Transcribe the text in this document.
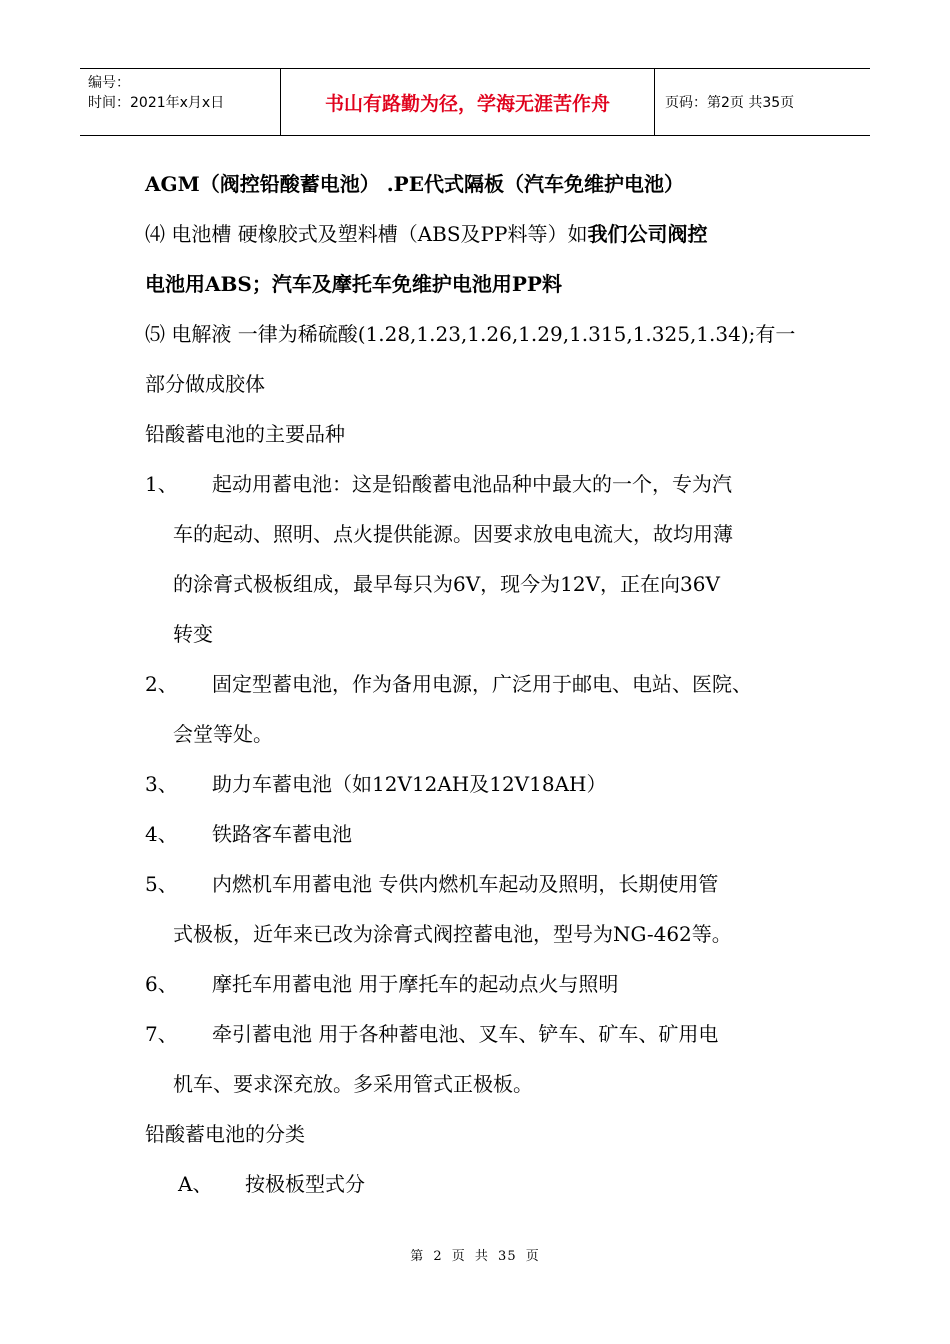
编号：
时间：2021年x月x日	书山有路勤为径，学海无涯苦作舟	页码：第2页 共35页
AGM（阀控铅酸蓄电池） .PE代式隔板（汽车免维护电池）
⑷ 电池槽 硬橡胶式及塑料槽（ABS及PP料等）如我们公司阀控
电池用ABS；汽车及摩托车免维护电池用PP料
⑸ 电解液 一律为稀硫酸(1.28,1.23,1.26,1.29,1.315,1.325,1.34);有一
部分做成胶体
铅酸蓄电池的主要品种
1、 起动用蓄电池：这是铅酸蓄电池品种中最大的一个，专为汽
车的起动、照明、点火提供能源。因要求放电电流大，故均用薄
的涂膏式极板组成，最早每只为6V，现今为12V，正在向36V
转变
2、 固定型蓄电池，作为备用电源，广泛用于邮电、电站、医院、
会堂等处。
3、 助力车蓄电池（如12V12AH及12V18AH）
4、 铁路客车蓄电池
5、 内燃机车用蓄电池 专供内燃机车起动及照明，长期使用管
式极板，近年来已改为涂膏式阀控蓄电池，型号为NG-462等。
6、 摩托车用蓄电池 用于摩托车的起动点火与照明
7、 牵引蓄电池 用于各种蓄电池、叉车、铲车、矿车、矿用电
机车、要求深充放。多采用管式正极板。
铅酸蓄电池的分类
A、 按极板型式分
第 2 页 共 35 页
